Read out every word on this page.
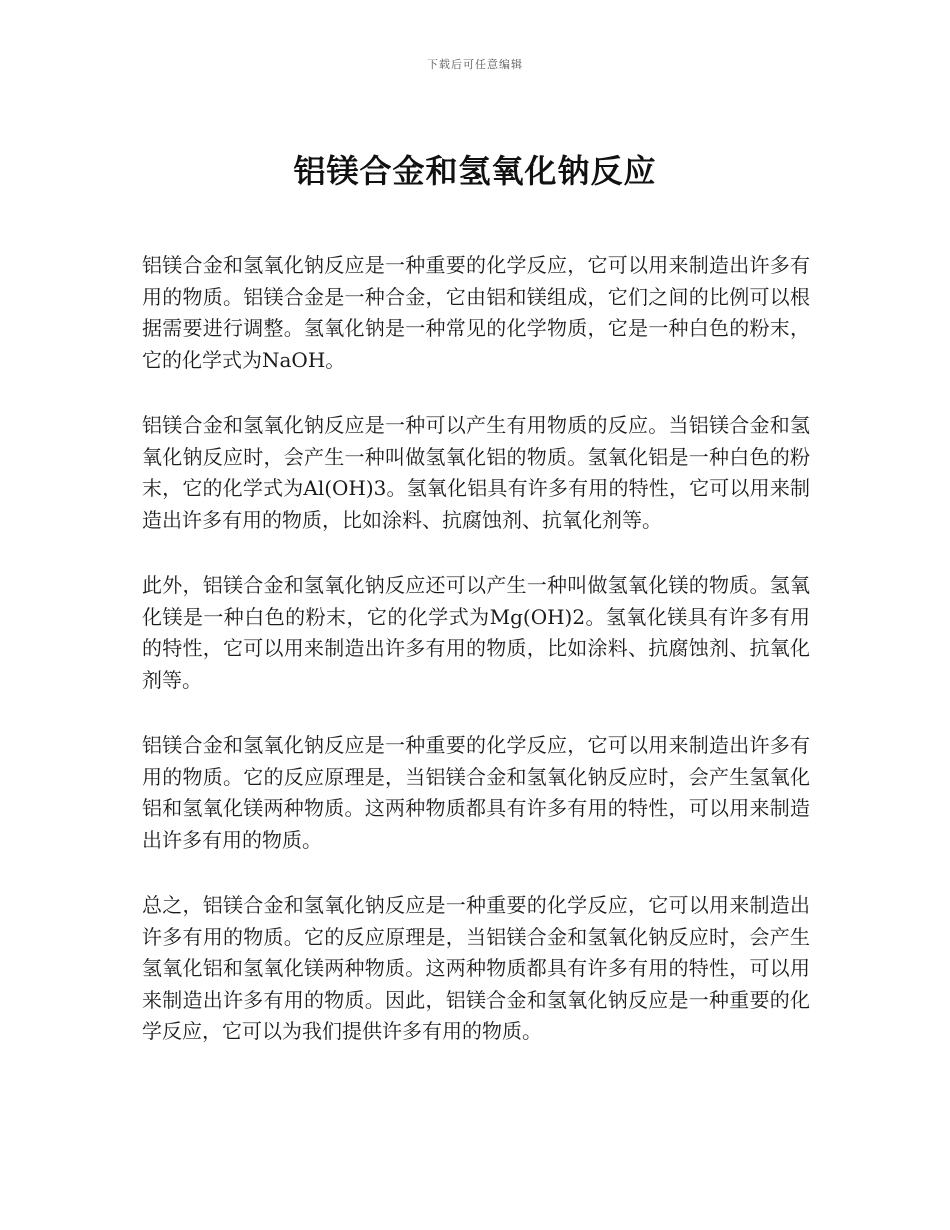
下载后可任意编辑
铝镁合金和氢氧化钠反应

铝镁合金和氢氧化钠反应是一种重要的化学反应，它可以用来制造出许多有用的物质。铝镁合金是一种合金，它由铝和镁组成，它们之间的比例可以根据需要进行调整。氢氧化钠是一种常见的化学物质，它是一种白色的粉末，它的化学式为NaOH。

铝镁合金和氢氧化钠反应是一种可以产生有用物质的反应。当铝镁合金和氢氧化钠反应时，会产生一种叫做氢氧化铝的物质。氢氧化铝是一种白色的粉末，它的化学式为Al(OH)3。氢氧化铝具有许多有用的特性，它可以用来制造出许多有用的物质，比如涂料、抗腐蚀剂、抗氧化剂等。

此外，铝镁合金和氢氧化钠反应还可以产生一种叫做氢氧化镁的物质。氢氧化镁是一种白色的粉末，它的化学式为Mg(OH)2。氢氧化镁具有许多有用的特性，它可以用来制造出许多有用的物质，比如涂料、抗腐蚀剂、抗氧化剂等。

铝镁合金和氢氧化钠反应是一种重要的化学反应，它可以用来制造出许多有用的物质。它的反应原理是，当铝镁合金和氢氧化钠反应时，会产生氢氧化铝和氢氧化镁两种物质。这两种物质都具有许多有用的特性，可以用来制造出许多有用的物质。

总之，铝镁合金和氢氧化钠反应是一种重要的化学反应，它可以用来制造出许多有用的物质。它的反应原理是，当铝镁合金和氢氧化钠反应时，会产生氢氧化铝和氢氧化镁两种物质。这两种物质都具有许多有用的特性，可以用来制造出许多有用的物质。因此，铝镁合金和氢氧化钠反应是一种重要的化学反应，它可以为我们提供许多有用的物质。
